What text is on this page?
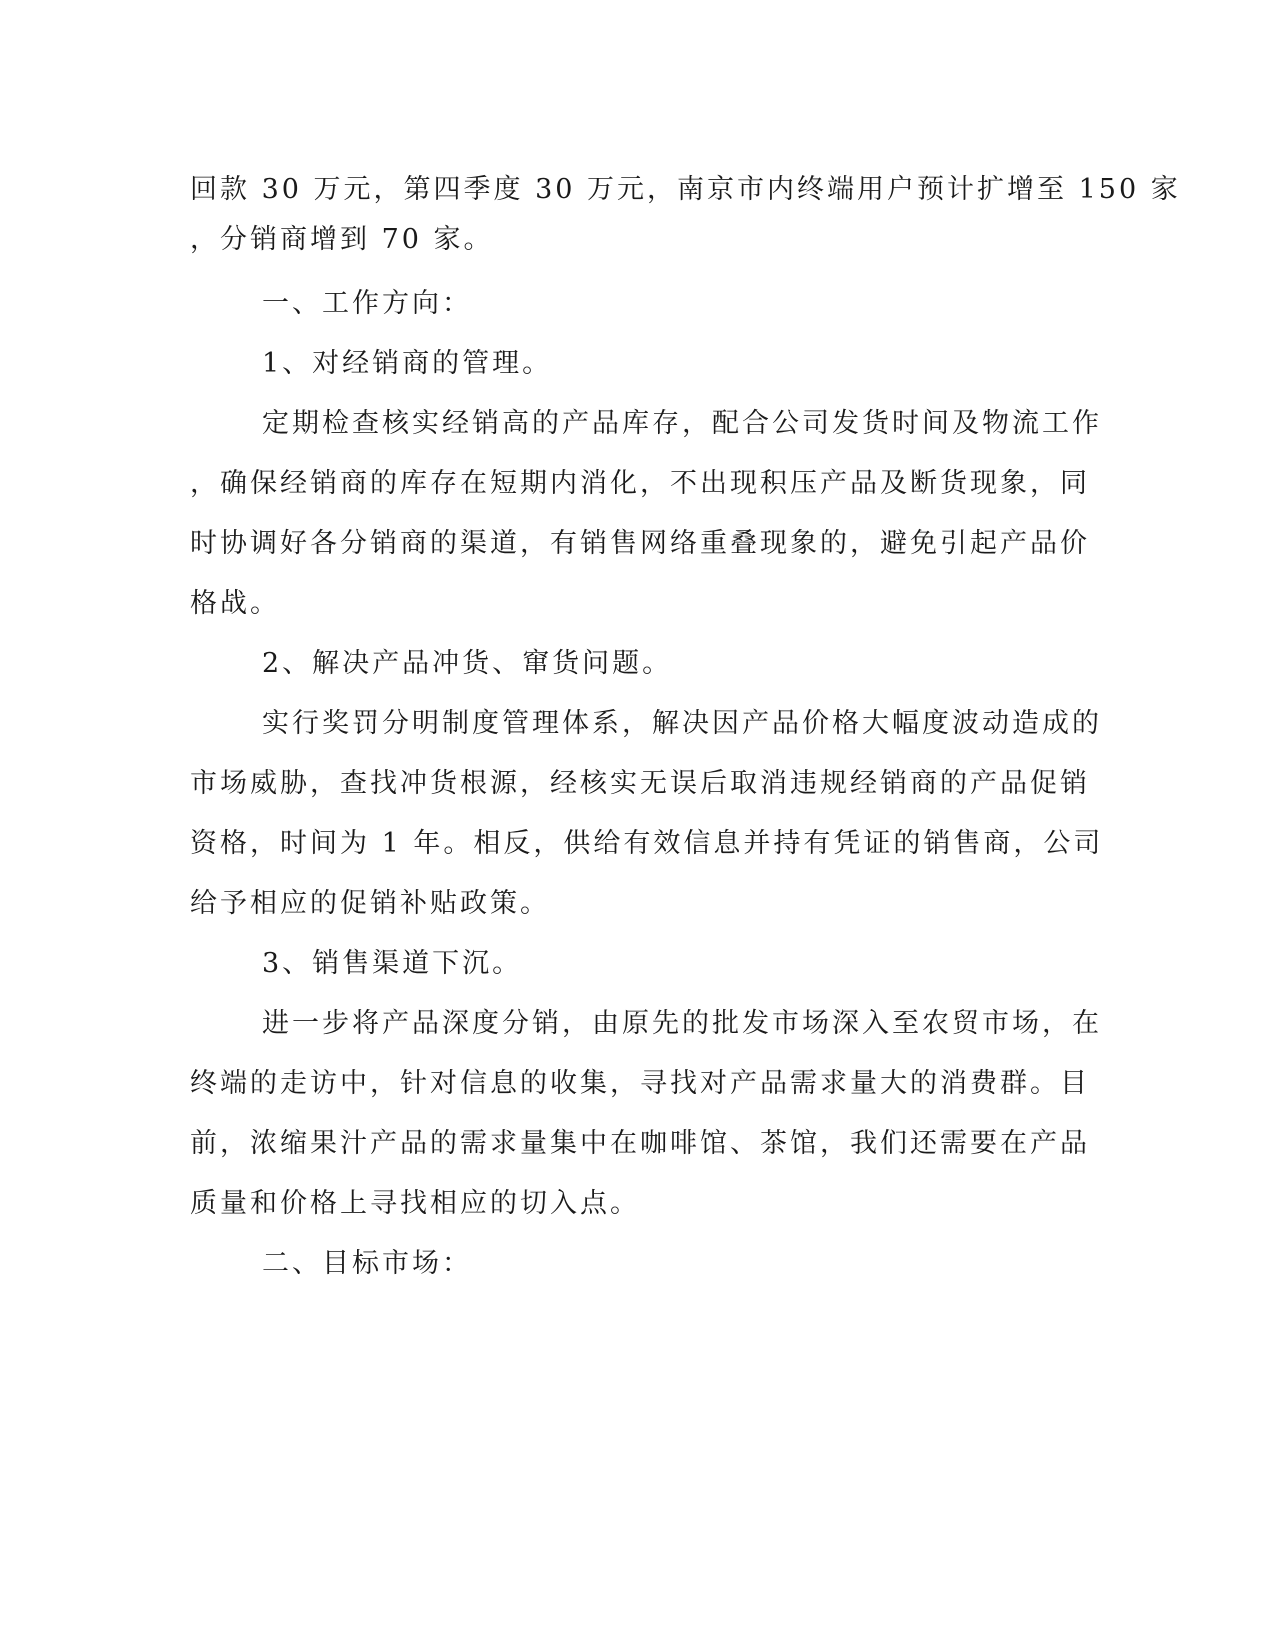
回款 30 万元，第四季度 30 万元，南京市内终端用户预计扩增至 150 家
，分销商增到 70 家。
一、工作方向：
1、对经销商的管理。
定期检查核实经销高的产品库存，配合公司发货时间及物流工作
，确保经销商的库存在短期内消化，不出现积压产品及断货现象，同
时协调好各分销商的渠道，有销售网络重叠现象的，避免引起产品价
格战。
2、解决产品冲货、窜货问题。
实行奖罚分明制度管理体系，解决因产品价格大幅度波动造成的
市场威胁，查找冲货根源，经核实无误后取消违规经销商的产品促销
资格，时间为 1 年。相反，供给有效信息并持有凭证的销售商，公司
给予相应的促销补贴政策。
3、销售渠道下沉。
进一步将产品深度分销，由原先的批发市场深入至农贸市场，在
终端的走访中，针对信息的收集，寻找对产品需求量大的消费群。目
前，浓缩果汁产品的需求量集中在咖啡馆、茶馆，我们还需要在产品
质量和价格上寻找相应的切入点。
二、目标市场：
